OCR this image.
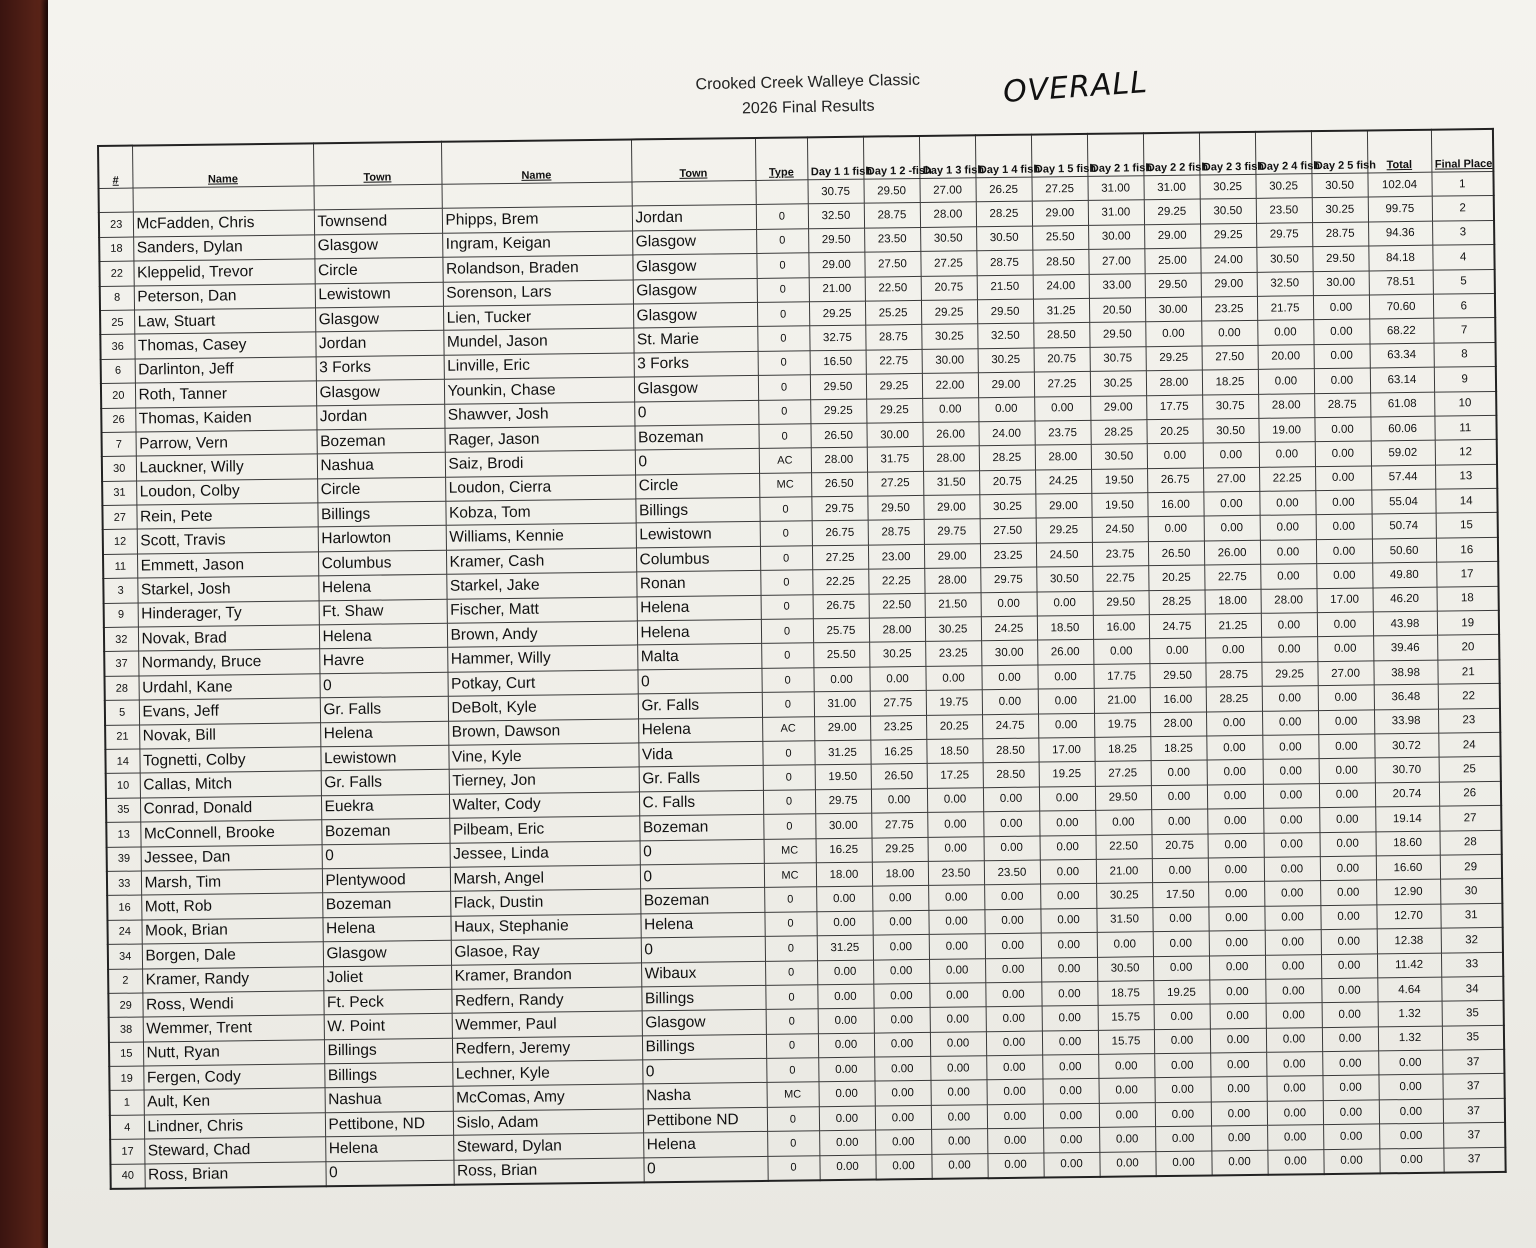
Crooked Creek Walleye Classic
2026 Final Results	OVERALL
#	Name	Town	Name	Town	Type	Day 1 1 fish	Day 1 2 -fish	Day 1 3 fish	Day 1 4 fish	Day 1 5 fish	Day 2 1 fish	Day 2 2 fish	Day 2 3 fish	Day 2 4 fish	Day 2 5 fish	Total	Final Place
						30.75	29.50	27.00	26.25	27.25	31.00	31.00	30.25	30.25	30.50	102.04	1
23	McFadden, Chris	Townsend	Phipps, Brem	Jordan	0	32.50	28.75	28.00	28.25	29.00	31.00	29.25	30.50	23.50	30.25	99.75	2
18	Sanders, Dylan	Glasgow	Ingram, Keigan	Glasgow	0	29.50	23.50	30.50	30.50	25.50	30.00	29.00	29.25	29.75	28.75	94.36	3
22	Kleppelid, Trevor	Circle	Rolandson, Braden	Glasgow	0	29.00	27.50	27.25	28.75	28.50	27.00	25.00	24.00	30.50	29.50	84.18	4
8	Peterson, Dan	Lewistown	Sorenson, Lars	Glasgow	0	21.00	22.50	20.75	21.50	24.00	33.00	29.50	29.00	32.50	30.00	78.51	5
25	Law, Stuart	Glasgow	Lien, Tucker	Glasgow	0	29.25	25.25	29.25	29.50	31.25	20.50	30.00	23.25	21.75	0.00	70.60	6
36	Thomas, Casey	Jordan	Mundel, Jason	St. Marie	0	32.75	28.75	30.25	32.50	28.50	29.50	0.00	0.00	0.00	0.00	68.22	7
6	Darlinton, Jeff	3 Forks	Linville, Eric	3 Forks	0	16.50	22.75	30.00	30.25	20.75	30.75	29.25	27.50	20.00	0.00	63.34	8
20	Roth, Tanner	Glasgow	Younkin, Chase	Glasgow	0	29.50	29.25	22.00	29.00	27.25	30.25	28.00	18.25	0.00	0.00	63.14	9
26	Thomas, Kaiden	Jordan	Shawver, Josh	0	0	29.25	29.25	0.00	0.00	0.00	29.00	17.75	30.75	28.00	28.75	61.08	10
7	Parrow, Vern	Bozeman	Rager, Jason	Bozeman	0	26.50	30.00	26.00	24.00	23.75	28.25	20.25	30.50	19.00	0.00	60.06	11
30	Lauckner, Willy	Nashua	Saiz, Brodi	0	AC	28.00	31.75	28.00	28.25	28.00	30.50	0.00	0.00	0.00	0.00	59.02	12
31	Loudon, Colby	Circle	Loudon, Cierra	Circle	MC	26.50	27.25	31.50	20.75	24.25	19.50	26.75	27.00	22.25	0.00	57.44	13
27	Rein, Pete	Billings	Kobza, Tom	Billings	0	29.75	29.50	29.00	30.25	29.00	19.50	16.00	0.00	0.00	0.00	55.04	14
12	Scott, Travis	Harlowton	Williams, Kennie	Lewistown	0	26.75	28.75	29.75	27.50	29.25	24.50	0.00	0.00	0.00	0.00	50.74	15
11	Emmett, Jason	Columbus	Kramer, Cash	Columbus	0	27.25	23.00	29.00	23.25	24.50	23.75	26.50	26.00	0.00	0.00	50.60	16
3	Starkel, Josh	Helena	Starkel, Jake	Ronan	0	22.25	22.25	28.00	29.75	30.50	22.75	20.25	22.75	0.00	0.00	49.80	17
9	Hinderager, Ty	Ft. Shaw	Fischer, Matt	Helena	0	26.75	22.50	21.50	0.00	0.00	29.50	28.25	18.00	28.00	17.00	46.20	18
32	Novak, Brad	Helena	Brown, Andy	Helena	0	25.75	28.00	30.25	24.25	18.50	16.00	24.75	21.25	0.00	0.00	43.98	19
37	Normandy, Bruce	Havre	Hammer, Willy	Malta	0	25.50	30.25	23.25	30.00	26.00	0.00	0.00	0.00	0.00	0.00	39.46	20
28	Urdahl, Kane	0	Potkay, Curt	0	0	0.00	0.00	0.00	0.00	0.00	17.75	29.50	28.75	29.25	27.00	38.98	21
5	Evans, Jeff	Gr. Falls	DeBolt, Kyle	Gr. Falls	0	31.00	27.75	19.75	0.00	0.00	21.00	16.00	28.25	0.00	0.00	36.48	22
21	Novak, Bill	Helena	Brown, Dawson	Helena	AC	29.00	23.25	20.25	24.75	0.00	19.75	28.00	0.00	0.00	0.00	33.98	23
14	Tognetti, Colby	Lewistown	Vine, Kyle	Vida	0	31.25	16.25	18.50	28.50	17.00	18.25	18.25	0.00	0.00	0.00	30.72	24
10	Callas, Mitch	Gr. Falls	Tierney, Jon	Gr. Falls	0	19.50	26.50	17.25	28.50	19.25	27.25	0.00	0.00	0.00	0.00	30.70	25
35	Conrad, Donald	Euekra	Walter, Cody	C. Falls	0	29.75	0.00	0.00	0.00	0.00	29.50	0.00	0.00	0.00	0.00	20.74	26
13	McConnell, Brooke	Bozeman	Pilbeam, Eric	Bozeman	0	30.00	27.75	0.00	0.00	0.00	0.00	0.00	0.00	0.00	0.00	19.14	27
39	Jessee, Dan	0	Jessee, Linda	0	MC	16.25	29.25	0.00	0.00	0.00	22.50	20.75	0.00	0.00	0.00	18.60	28
33	Marsh, Tim	Plentywood	Marsh, Angel	0	MC	18.00	18.00	23.50	23.50	0.00	21.00	0.00	0.00	0.00	0.00	16.60	29
16	Mott, Rob	Bozeman	Flack, Dustin	Bozeman	0	0.00	0.00	0.00	0.00	0.00	30.25	17.50	0.00	0.00	0.00	12.90	30
24	Mook, Brian	Helena	Haux, Stephanie	Helena	0	0.00	0.00	0.00	0.00	0.00	31.50	0.00	0.00	0.00	0.00	12.70	31
34	Borgen, Dale	Glasgow	Glasoe, Ray	0	0	31.25	0.00	0.00	0.00	0.00	0.00	0.00	0.00	0.00	0.00	12.38	32
2	Kramer, Randy	Joliet	Kramer, Brandon	Wibaux	0	0.00	0.00	0.00	0.00	0.00	30.50	0.00	0.00	0.00	0.00	11.42	33
29	Ross, Wendi	Ft. Peck	Redfern, Randy	Billings	0	0.00	0.00	0.00	0.00	0.00	18.75	19.25	0.00	0.00	0.00	4.64	34
38	Wemmer, Trent	W. Point	Wemmer, Paul	Glasgow	0	0.00	0.00	0.00	0.00	0.00	15.75	0.00	0.00	0.00	0.00	1.32	35
15	Nutt, Ryan	Billings	Redfern, Jeremy	Billings	0	0.00	0.00	0.00	0.00	0.00	15.75	0.00	0.00	0.00	0.00	1.32	35
19	Fergen, Cody	Billings	Lechner, Kyle	0	0	0.00	0.00	0.00	0.00	0.00	0.00	0.00	0.00	0.00	0.00	0.00	37
1	Ault, Ken	Nashua	McComas, Amy	Nasha	MC	0.00	0.00	0.00	0.00	0.00	0.00	0.00	0.00	0.00	0.00	0.00	37
4	Lindner, Chris	Pettibone, ND	Sislo, Adam	Pettibone ND	0	0.00	0.00	0.00	0.00	0.00	0.00	0.00	0.00	0.00	0.00	0.00	37
17	Steward, Chad	Helena	Steward, Dylan	Helena	0	0.00	0.00	0.00	0.00	0.00	0.00	0.00	0.00	0.00	0.00	0.00	37
40	Ross, Brian	0	Ross, Brian	0	0	0.00	0.00	0.00	0.00	0.00	0.00	0.00	0.00	0.00	0.00	0.00	37
